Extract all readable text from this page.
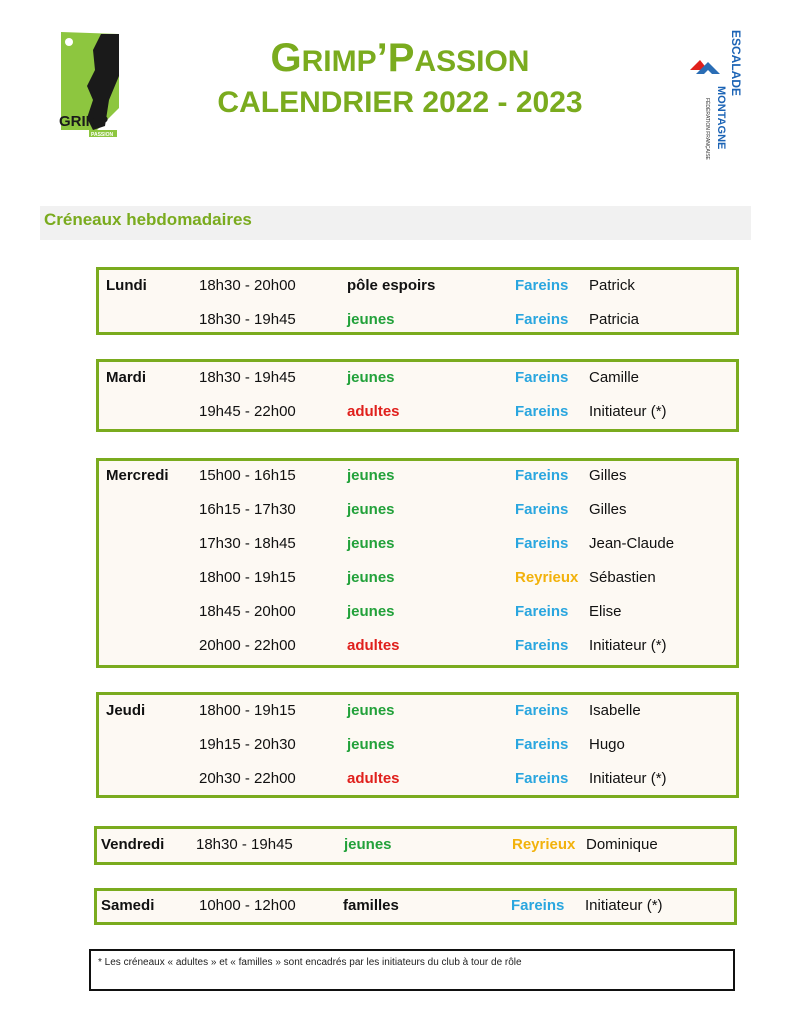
GRIMP
PASSION
GRIMP’PASSION
CALENDRIER 2022 - 2023
ESCALADE
MONTAGNE
FÉDÉRATION FRANÇAISE
Créneaux hebdomadaires
Lundi	18h30 - 20h00	pôle espoirs	Fareins Patrick
18h30 - 19h45	jeunes	Fareins Patricia
Mardi	18h30 - 19h45	jeunes	Fareins Camille
19h45 - 22h00	adultes	Fareins Initiateur (*)
Mercredi 15h00 - 16h15	jeunes	Fareins Gilles
16h15 - 17h30	jeunes	Fareins Gilles
17h30 - 18h45	jeunes	Fareins Jean-Claude
18h00 - 19h15	jeunes	Reyrieux Sébastien
18h45 - 20h00	jeunes	Fareins Elise
20h00 - 22h00	adultes	Fareins Initiateur (*)
Jeudi	18h00 - 19h15	jeunes	Fareins Isabelle
19h15 - 20h30	jeunes	Fareins Hugo
20h30 - 22h00	adultes	Fareins Initiateur (*)
Vendredi 18h30 - 19h45	jeunes	Reyrieux Dominique
Samedi	10h00 - 12h00	familles	Fareins Initiateur (*)
* Les créneaux « adultes » et « familles » sont encadrés par les initiateurs du club à tour de rôle
